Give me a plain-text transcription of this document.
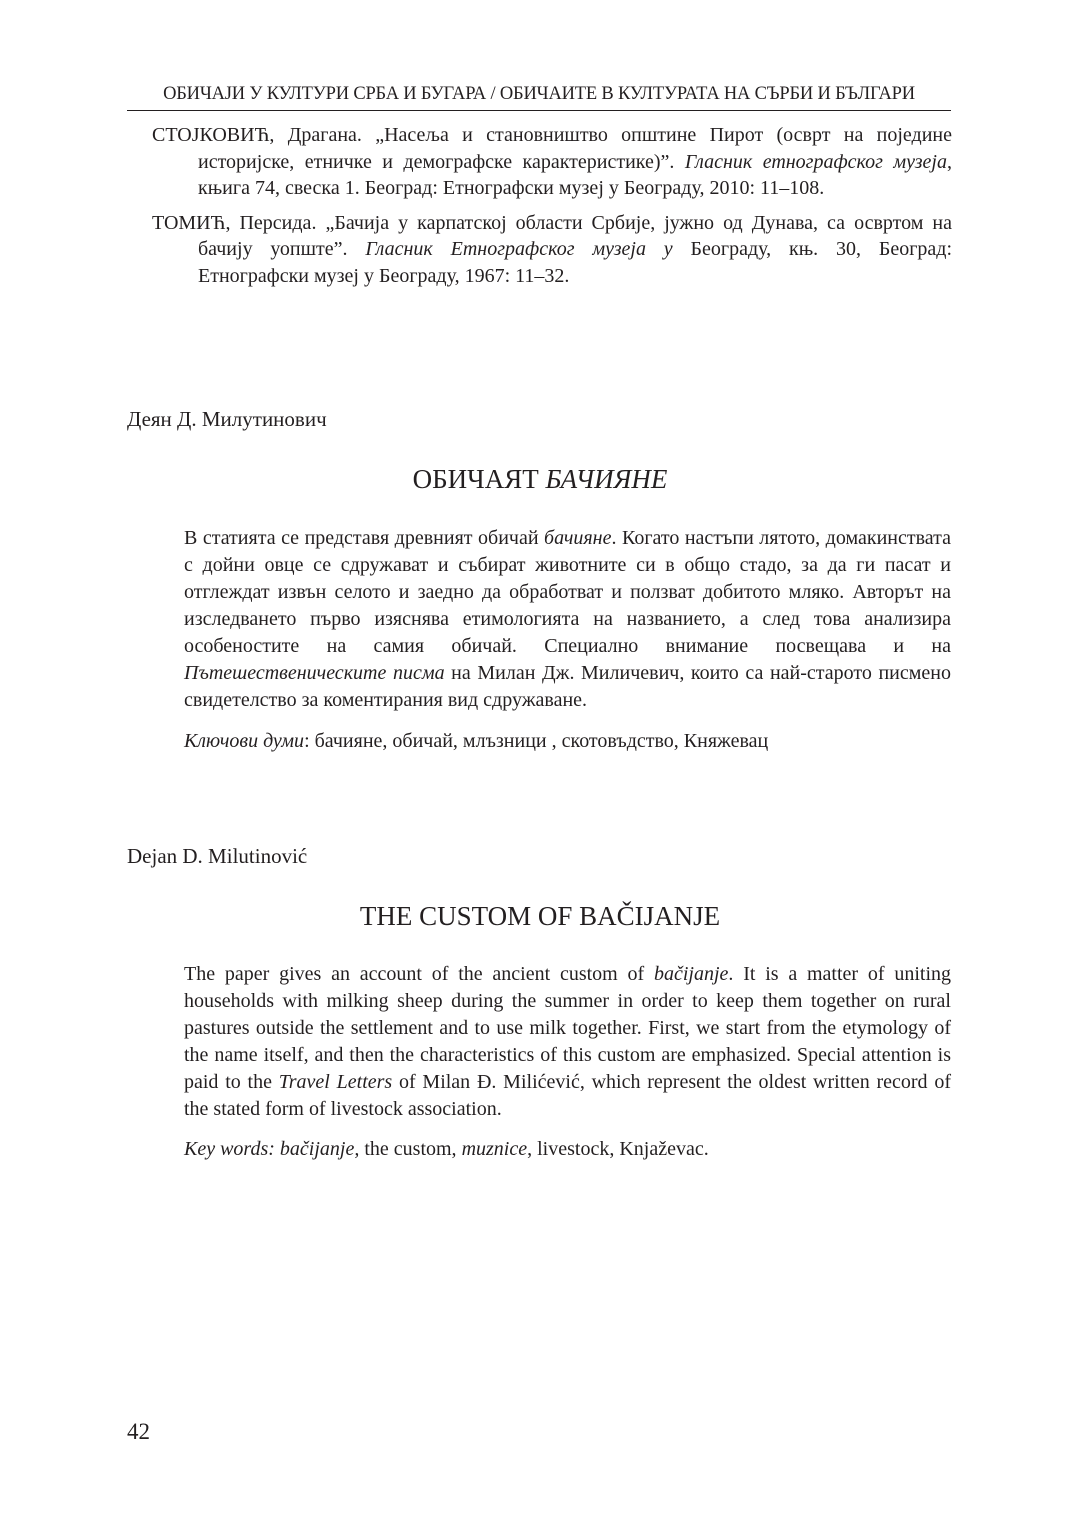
ОБИЧАЈИ У КУЛТУРИ СРБА И БУГАРА / ОБИЧАИТЕ В КУЛТУРАТА НА СЪРБИ И БЪЛГАРИ

СТОЈКОВИЋ, Драгана. „Насеља и становништво општине Пирот (осврт на поједине историјске, етничке и демографске карактеристике)”. Гласник етнографског музеја, књига 74, свеска 1. Београд: Етнографски музеј у Београду, 2010: 11–108.

ТОМИЋ, Персида. „Бачија у карпатској области Србије, јужно од Дунава, са освртом на бачију уопште”. Гласник Етнографског музеја у Београду, књ. 30, Београд: Етнографски музеј у Београду, 1967: 11–32.

Деян Д. Милутинович
ОБИЧАЯТ БАЧИЯНЕ

В статията се представя древният обичай бачияне. Когато настъпи лятото, домакинствата с дойни овце се сдружават и събират животните си в общо стадо, за да ги пасат и отглеждат извън селото и заедно да обработват и ползват добитото мляко. Авторът на изследването първо изяснява етимологията на названието, а след това анализира особеностите на самия обичай. Специално внимание посвещава и на Пътешественическите писма на Милан Дж. Миличевич, които са най-старото писмено свидетелство за коментирания вид сдружаване.

Ключови думи: бачияне, обичай, млъзници , скотовъдство, Княжевац
Dejan D. Milutinović
THE CUSTOM OF BAČIJANJE

The paper gives an account of the ancient custom of bačijanje. It is a matter of uniting households with milking sheep during the summer in order to keep them together on rural pastures outside the settlement and to use milk together. First, we start from the etymology of the name itself, and then the characteristics of this custom are emphasized. Special attention is paid to the Travel Letters of Milan Đ. Milićević, which represent the oldest written record of the stated form of livestock association.

Key words: bačijanje, the custom, muznice, livestock, Knjaževac.
42
